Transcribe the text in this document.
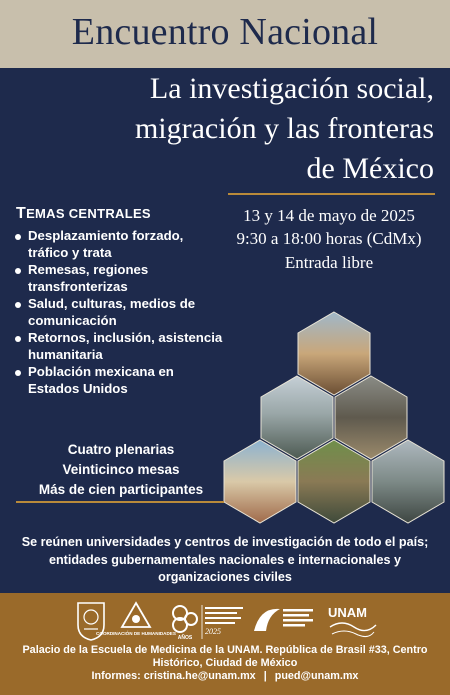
Encuentro Nacional
La investigación social,
migración y las fronteras
de México
TEMAS CENTRALES
Desplazamiento forzado, tráfico y trata
Remesas, regiones transfronterizas
Salud, culturas, medios de comunicación
Retornos, inclusión, asistencia humanitaria
Población mexicana en Estados Unidos
13 y 14 de mayo de 2025
9:30 a 18:00 horas (CdMx)
Entrada libre
Cuatro plenarias
Veinticinco mesas
Más de cien participantes
Se reúnen universidades y centros de investigación de todo el país; entidades gubernamentales nacionales e internacionales y organizaciones civiles
COORDINACIÓN DE HUMANIDADES
AÑOS
2025
UNAM
Palacio de la Escuela de Medicina de la UNAM. República de Brasil #33, Centro Histórico, Ciudad de México
Informes: cristina.he@unam.mx | pued@unam.mx
